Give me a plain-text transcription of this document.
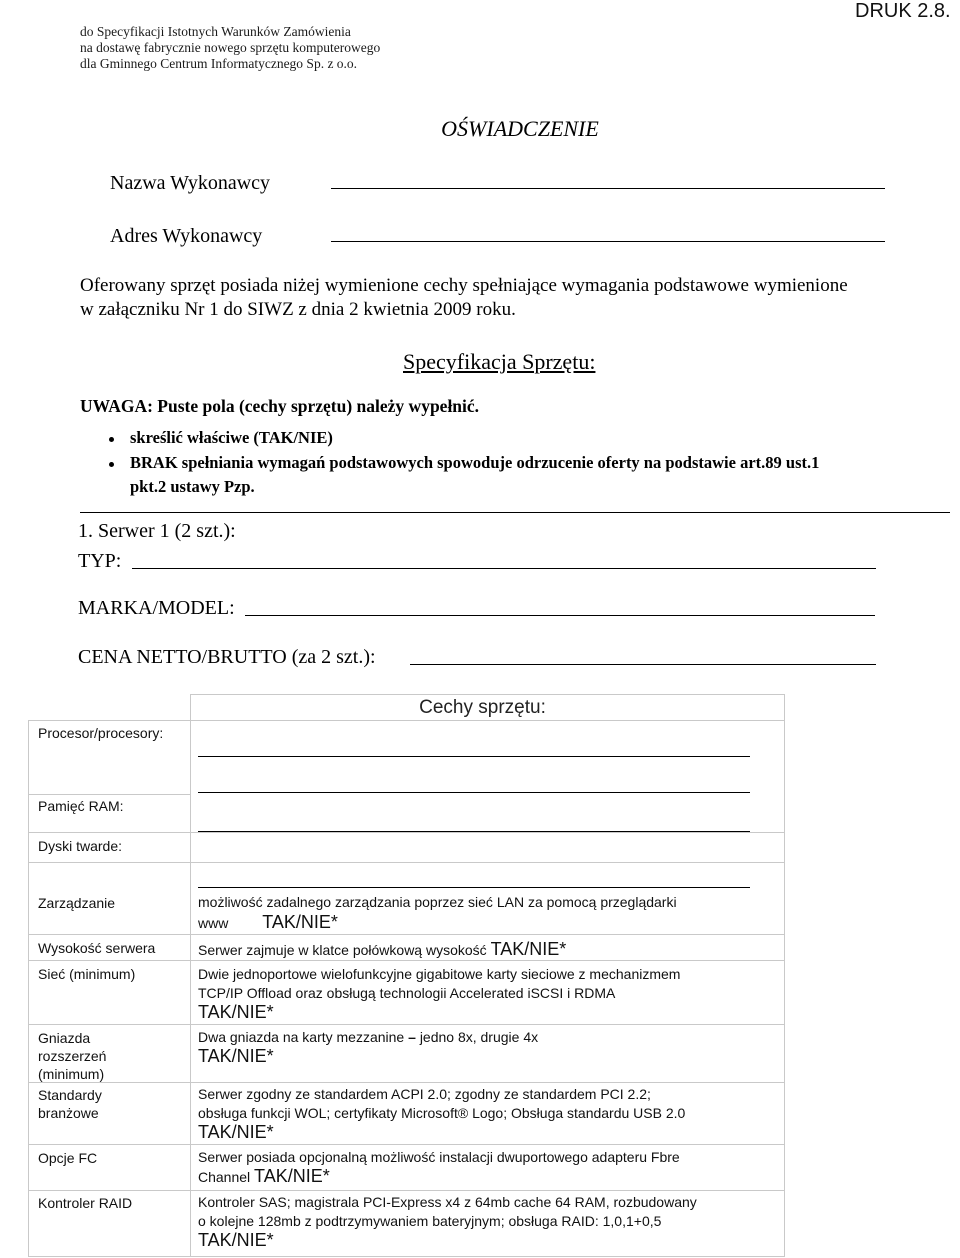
do Specyfikacji Istotnych Warunków Zamówienia
na dostawę fabrycznie nowego sprzętu komputerowego
dla Gminnego Centrum Informatycznego Sp. z o.o.
DRUK 2.8.
OŚWIADCZENIE
Nazwa Wykonawcy
Adres Wykonawcy
Oferowany sprzęt posiada niżej wymienione cechy spełniające wymagania podstawowe wymienione
w załączniku Nr 1 do SIWZ z dnia 2 kwietnia 2009 roku.
Specyfikacja Sprzętu:
UWAGA: Puste pola (cechy sprzętu) należy wypełnić.
skreślić właściwe (TAK/NIE)
BRAK spełniania wymagań podstawowych spowoduje odrzucenie oferty na podstawie art.89 ust.1
pkt.2 ustawy Pzp.
1. Serwer 1 (2 szt.):
TYP:
MARKA/MODEL:
CENA NETTO/BRUTTO (za 2 szt.):
Cechy sprzętu:
Procesor/procesory:
Pamięć RAM:
Dyski twarde:
Zarządzanie
Wysokość serwera
Sieć (minimum)
Gniazda
rozszerzeń
(minimum)
Standardy
branżowe
Opcje FC
Kontroler RAID
możliwość zadalnego zarządzania poprzez sieć LAN za pomocą przeglądarki
www TAK/NIE*
Serwer zajmuje w klatce połówkową wysokość TAK/NIE*
Dwie jednoportowe wielofunkcyjne gigabitowe karty sieciowe z mechanizmem
TCP/IP Offload oraz obsługą technologii Accelerated iSCSI i RDMA
TAK/NIE*
Dwa gniazda na karty mezzanine – jedno 8x, drugie 4x
TAK/NIE*
Serwer zgodny ze standardem ACPI 2.0; zgodny ze standardem PCI 2.2;
obsługa funkcji WOL; certyfikaty Microsoft® Logo; Obsługa standardu USB 2.0
TAK/NIE*
Serwer posiada opcjonalną możliwość instalacji dwuportowego adapteru Fbre
Channel TAK/NIE*
Kontroler SAS; magistrala PCI-Express x4 z 64mb cache 64 RAM, rozbudowany
o kolejne 128mb z podtrzymywaniem bateryjnym; obsługa RAID: 1,0,1+0,5
TAK/NIE*
